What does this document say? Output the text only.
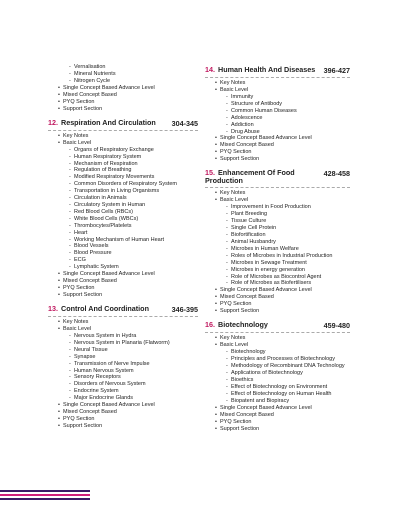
- Vernalisation
- Mineral Nutrients
- Nitrogen Cycle
• Single Concept Based Advance Level
• Mixed Concept Based
• PYQ Section
• Support Section
12. Respiration And Circulation 304-345
• Key Notes
• Basic Level
- Organs of Respiratory Exchange
- Human Respiratory System
- Mechanism of Respiration
- Regulation of Breathing
- Modified Respiratory Movements
- Common Disorders of Respiratory System
- Transportation in Living Organisms
- Circulation in Animals
- Circulatory System in Human
- Red Blood Cells (RBCs)
- White Blood Cells (WBCs)
- Thrombocytes/Platelets
- Heart
- Working Mechanism of Human Heart
- Blood Vessels
- Blood Pressure
- ECG
- Lymphatic System
• Single Concept Based Advance Level
• Mixed Concept Based
• PYQ Section
• Support Section
13. Control And Coordination	346-395
• Key Notes
• Basic Level
- Nervous System in Hydra
- Nervous System in Planaria (Flatworm)
- Neural Tissue
- Synapse
- Transmission of Nerve Impulse
- Human Nervous System
- Sensory Receptors
- Disorders of Nervous System
- Endocrine System
- Major Endocrine Glands
• Single Concept Based Advance Level
• Mixed Concept Based
• PYQ Section
• Support Section
14. Human Health And Diseases 396-427
• Key Notes
• Basic Level
- Immunity
- Structure of Antibody
- Common Human Diseases
- Adolescence
- Addiction
- Drug Abuse
• Single Concept Based Advance Level
• Mixed Concept Based
• PYQ Section
• Support Section
15. Enhancement Of Food Production
428-458
• Key Notes
• Basic Level
- Improvement in Food Production
- Plant Breeding
- Tissue Culture
- Single Cell Protein
- Biofortification
- Animal Husbandry
- Microbes in Human Welfare
- Roles of Microbes in Industrial Production
- Microbes in Sewage Treatment
- Microbes in energy generation
- Role of Microbes as Biocontrol Agent
- Role of Microbes as Biofertilisers
• Single Concept Based Advance Level
• Mixed Concept Based
• PYQ Section
• Support Section
16. Biotechnology	459-480
• Key Notes
• Basic Level
- Biotechnology
- Principles and Processes of Biotechnology
- Methodology of Recombinant DNA Technology
- Applications of Biotechnology
- Bioethics
- Effect of Biotechnology on Environment
- Effect of Biotechnology on Human Health
- Biopatent and Biopiracy
• Single Concept Based Advance Level
• Mixed Concept Based
• PYQ Section
• Support Section
